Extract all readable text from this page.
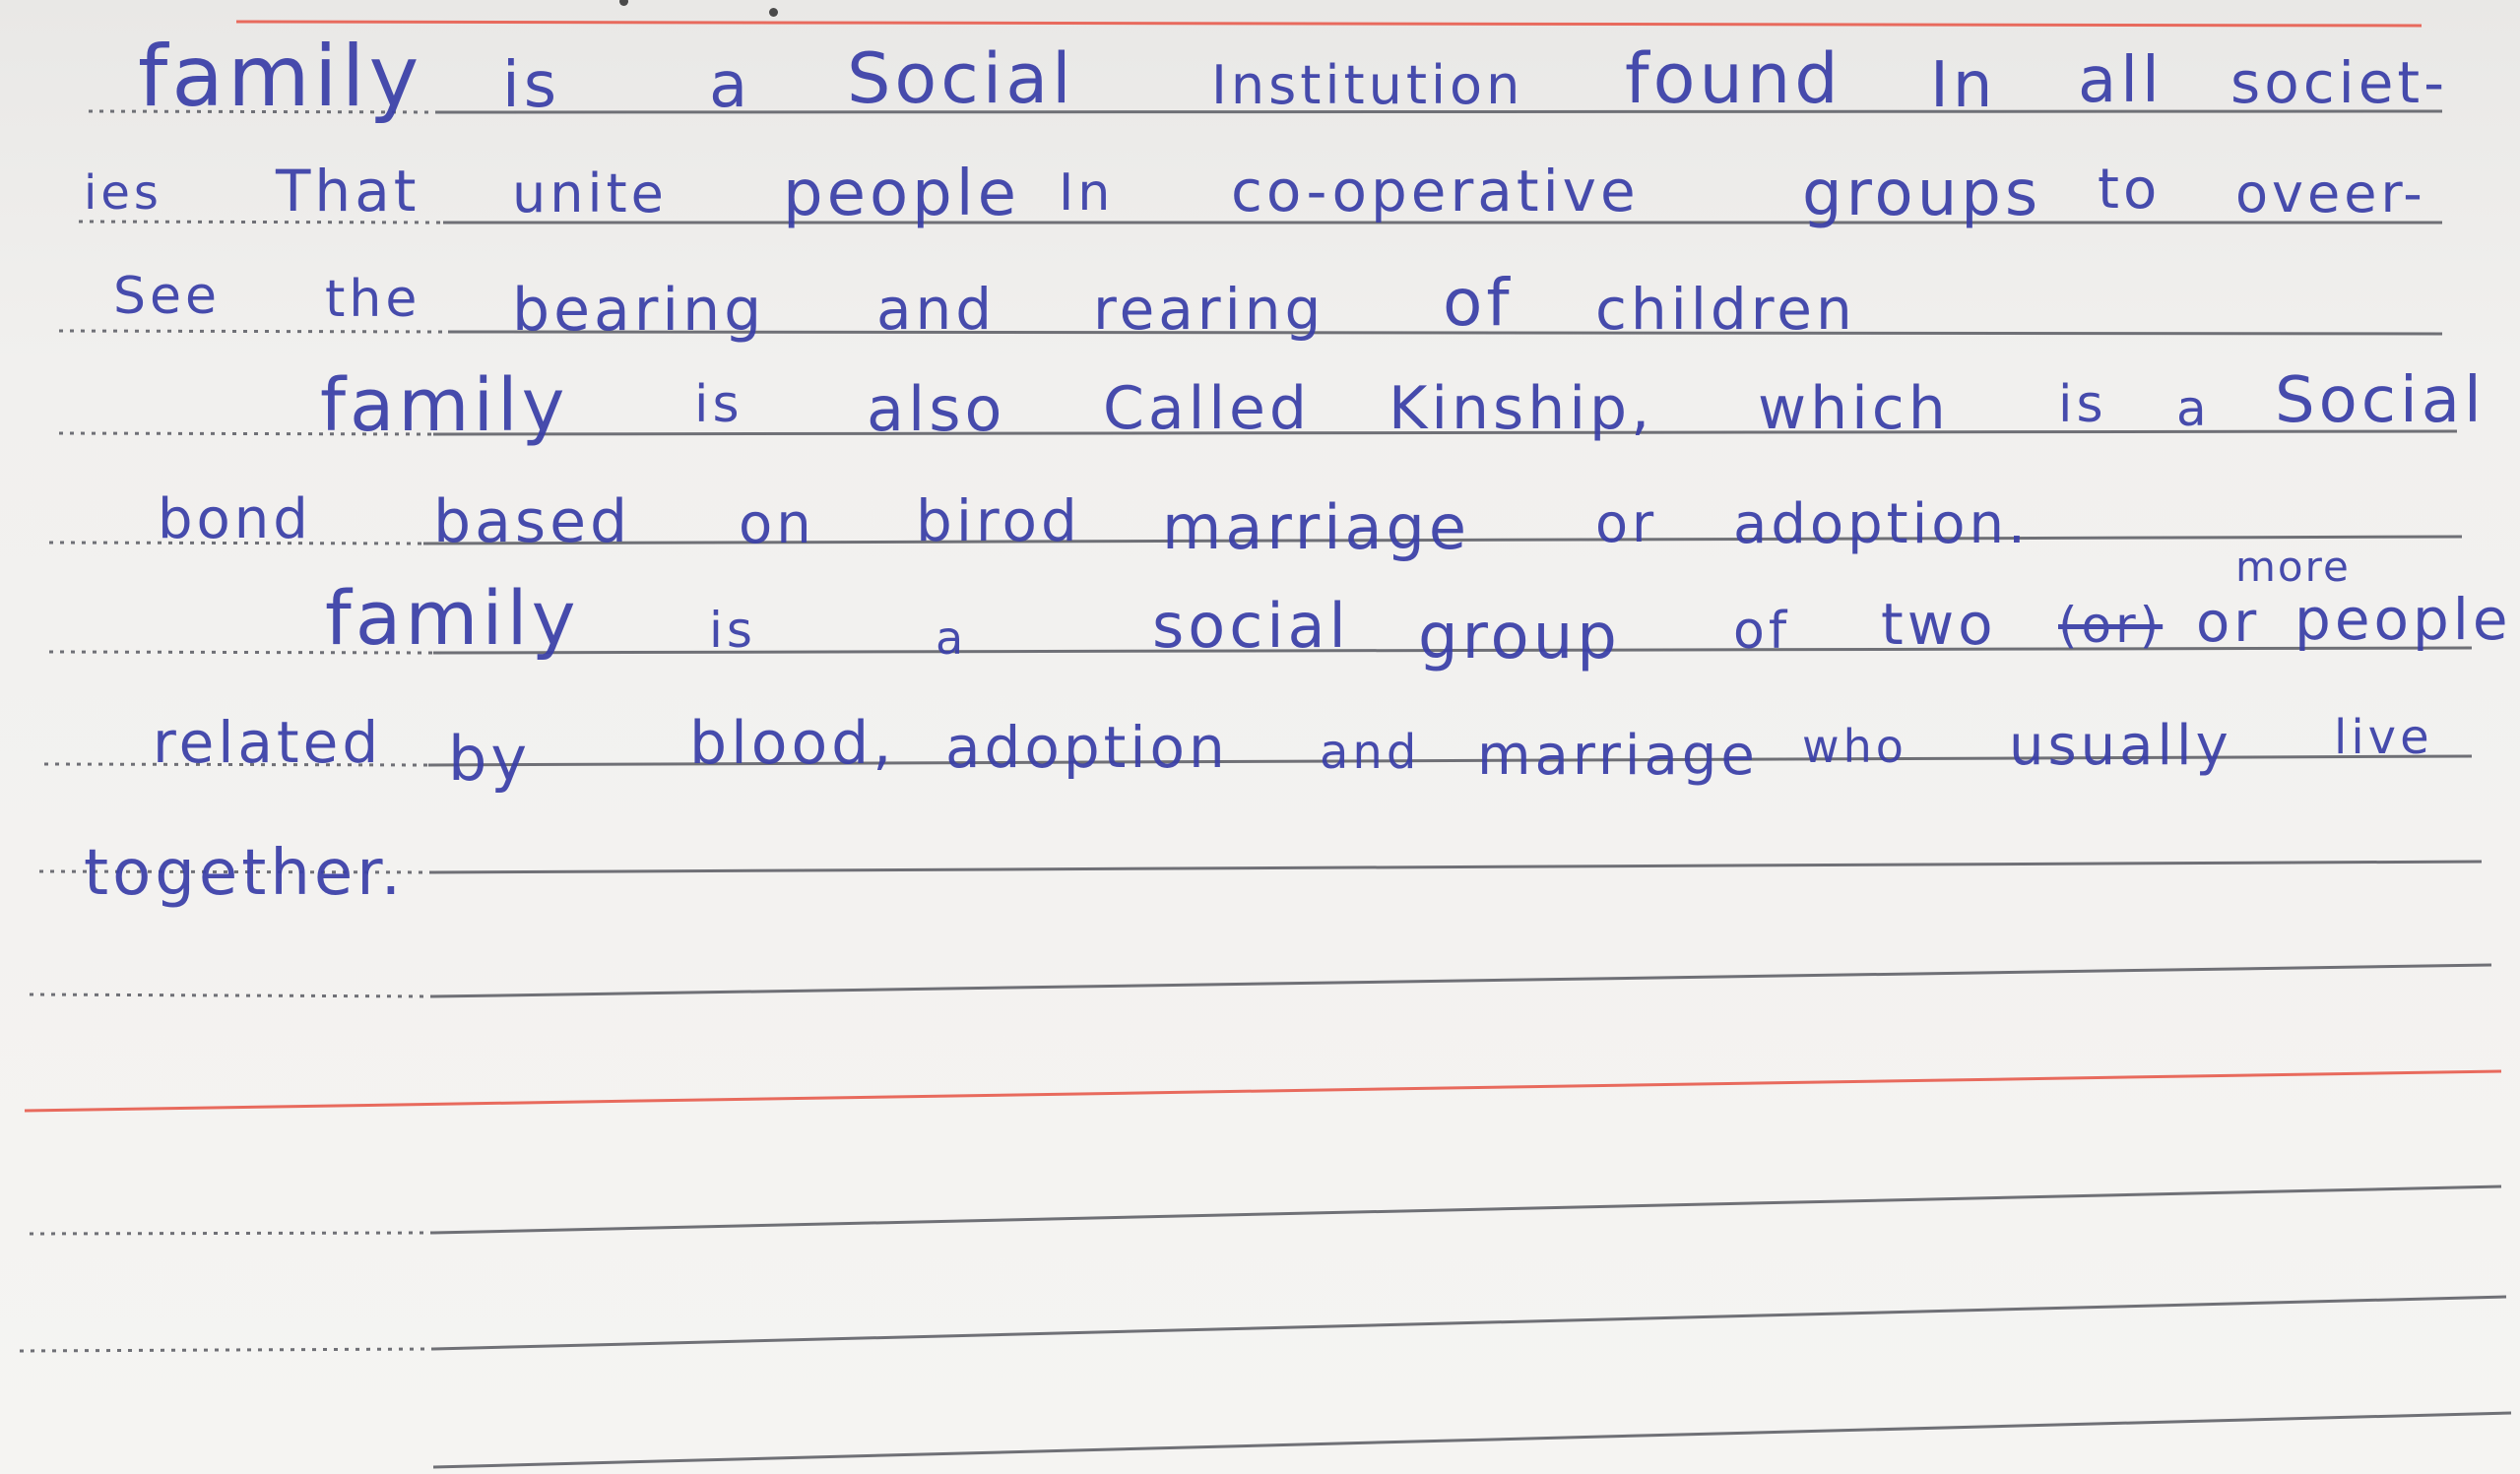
family is a Social	Institution found In all societ-
ies That unite people In co-operative	groups to oveer-
See the bearing and rearing of children
family is also Called Kinship, which is a Social
bond based on birod marriage or adoption.
more
family	is	a	social group of two (or) or people
related by	blood, adoption and marriage who usually live
together.
